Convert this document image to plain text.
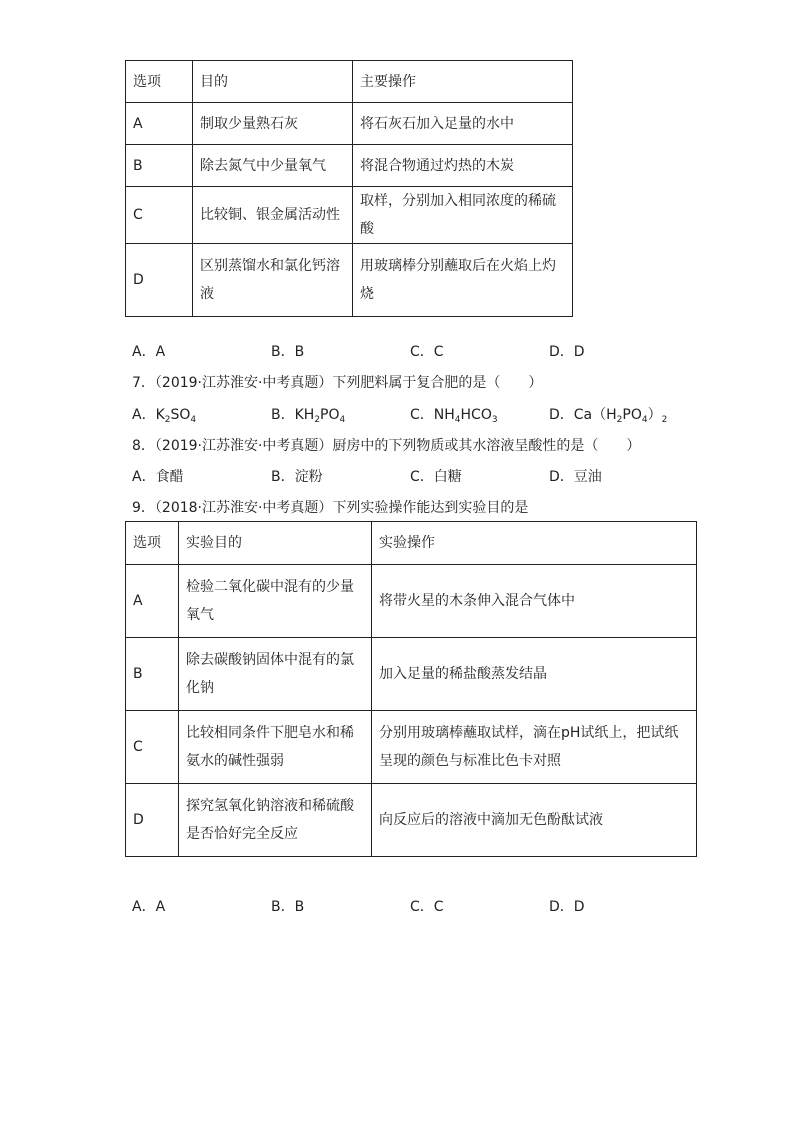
选项	目的	主要操作
A	制取少量熟石灰	将石灰石加入足量的水中
B	除去氮气中少量氧气	将混合物通过灼热的木炭
C	比较铜、银金属活动性	取样，分别加入相同浓度的稀硫酸
D	区别蒸馏水和氯化钙溶液	用玻璃棒分别蘸取后在火焰上灼烧
A．A	B．B	C．C	D．D
7．（2019·江苏淮安·中考真题）下列肥料属于复合肥的是（　　）
A．$K_2SO_4$	B．$KH_2PO_4$	C．$NH_4HCO_3$	D．$Ca(H_2PO_4)_2$
8．（2019·江苏淮安·中考真题）厨房中的下列物质或其水溶液呈酸性的是（　　）
A．食醋	B．淀粉	C．白糖	D．豆油
9．（2018·江苏淮安·中考真题）下列实验操作能达到实验目的是
选项	实验目的	实验操作
A	检验二氧化碳中混有的少量氧气	将带火星的木条伸入混合气体中
B	除去碳酸钠固体中混有的氯化钠	加入足量的稀盐酸蒸发结晶
C	比较相同条件下肥皂水和稀氨水的碱性强弱	分别用玻璃棒蘸取试样，滴在pH试纸上，把试纸呈现的颜色与标准比色卡对照
D	探究氢氧化钠溶液和稀硫酸是否恰好完全反应	向反应后的溶液中滴加无色酚酞试液
A．A	B．B	C．C	D．D
